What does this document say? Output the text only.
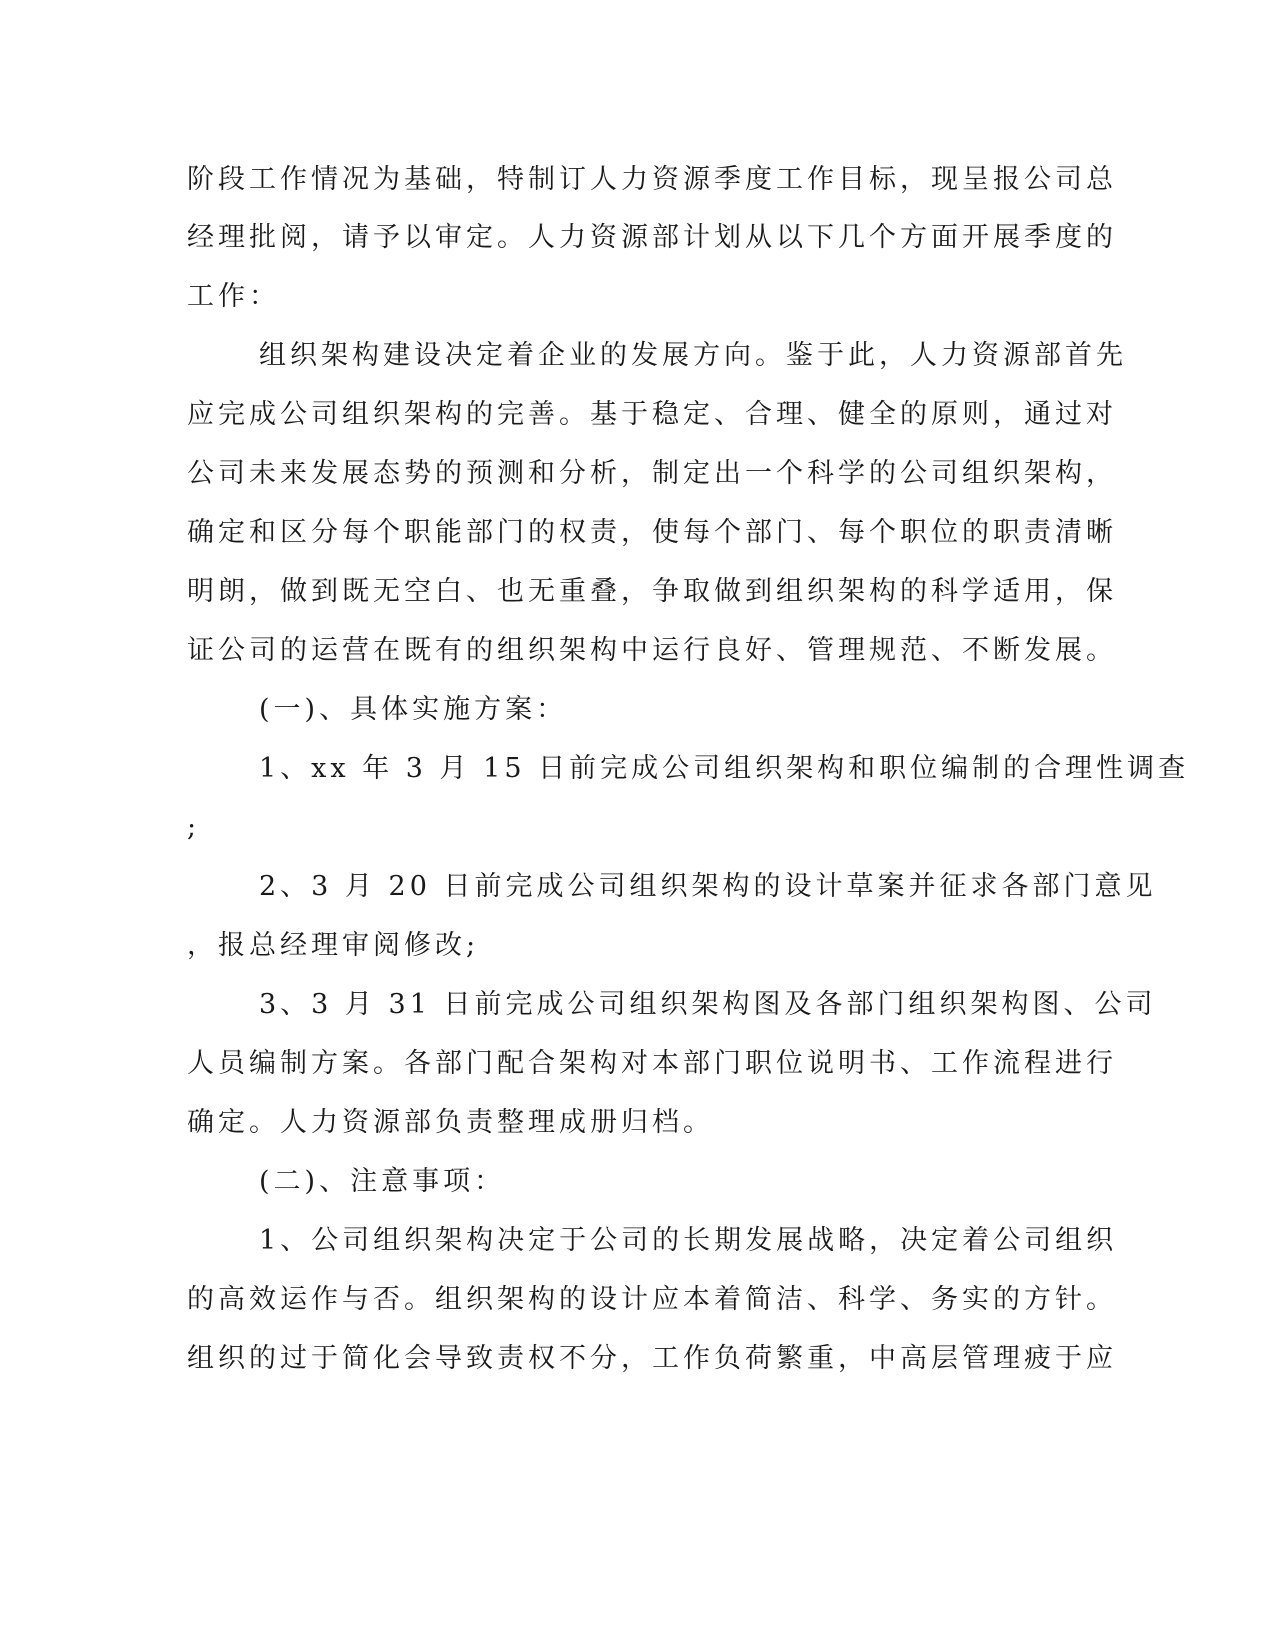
阶段工作情况为基础，特制订人力资源季度工作目标，现呈报公司总
经理批阅，请予以审定。人力资源部计划从以下几个方面开展季度的
工作：
组织架构建设决定着企业的发展方向。鉴于此，人力资源部首先
应完成公司组织架构的完善。基于稳定、合理、健全的原则，通过对
公司未来发展态势的预测和分析，制定出一个科学的公司组织架构，
确定和区分每个职能部门的权责，使每个部门、每个职位的职责清晰
明朗，做到既无空白、也无重叠，争取做到组织架构的科学适用，保
证公司的运营在既有的组织架构中运行良好、管理规范、不断发展。
(一)、具体实施方案：
1、xx 年 3 月 15 日前完成公司组织架构和职位编制的合理性调查
;
2、3 月 20 日前完成公司组织架构的设计草案并征求各部门意见
，报总经理审阅修改;
3、3 月 31 日前完成公司组织架构图及各部门组织架构图、公司
人员编制方案。各部门配合架构对本部门职位说明书、工作流程进行
确定。人力资源部负责整理成册归档。
(二)、注意事项：
1、公司组织架构决定于公司的长期发展战略，决定着公司组织
的高效运作与否。组织架构的设计应本着简洁、科学、务实的方针。
组织的过于简化会导致责权不分，工作负荷繁重，中高层管理疲于应
